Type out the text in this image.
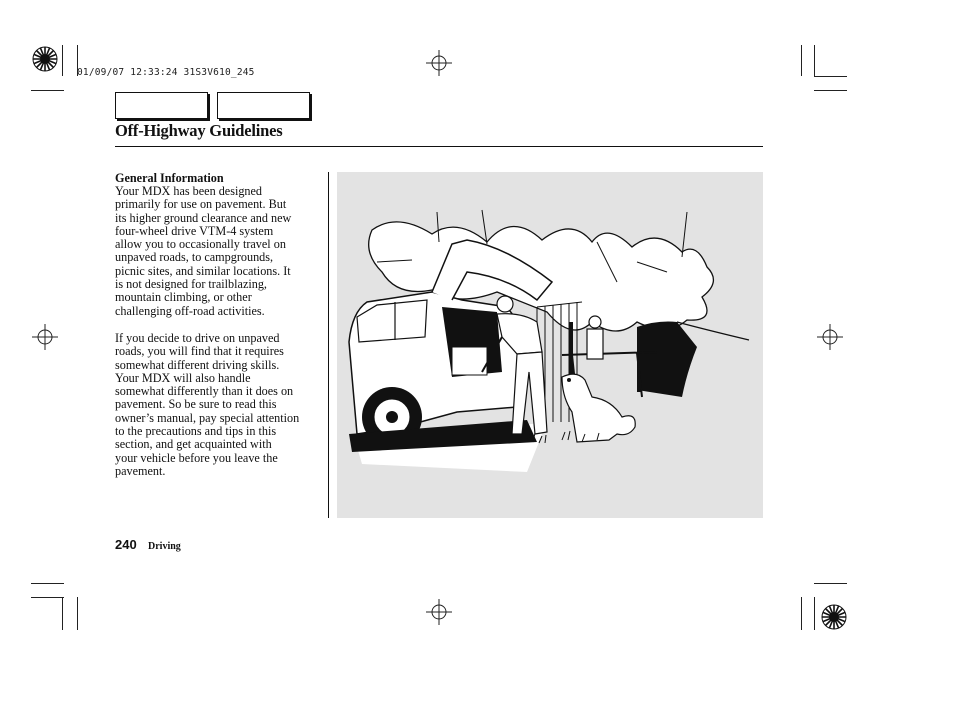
01/09/07 12:33:24 31S3V610_245
Off-Highway Guidelines
General Information

Your MDX has been designed
primarily for use on pavement. But
its higher ground clearance and new
four-wheel drive VTM-4 system
allow you to occasionally travel on
unpaved roads, to campgrounds,
picnic sites, and similar locations. It
is not designed for trailblazing,
mountain climbing, or other
challenging off-road activities.

If you decide to drive on unpaved
roads, you will find that it requires
somewhat different driving skills.
Your MDX will also handle
somewhat differently than it does on
pavement. So be sure to read this
owner’s manual, pay special attention
to the precautions and tips in this
section, and get acquainted with
your vehicle before you leave the
pavement.

240 Driving
